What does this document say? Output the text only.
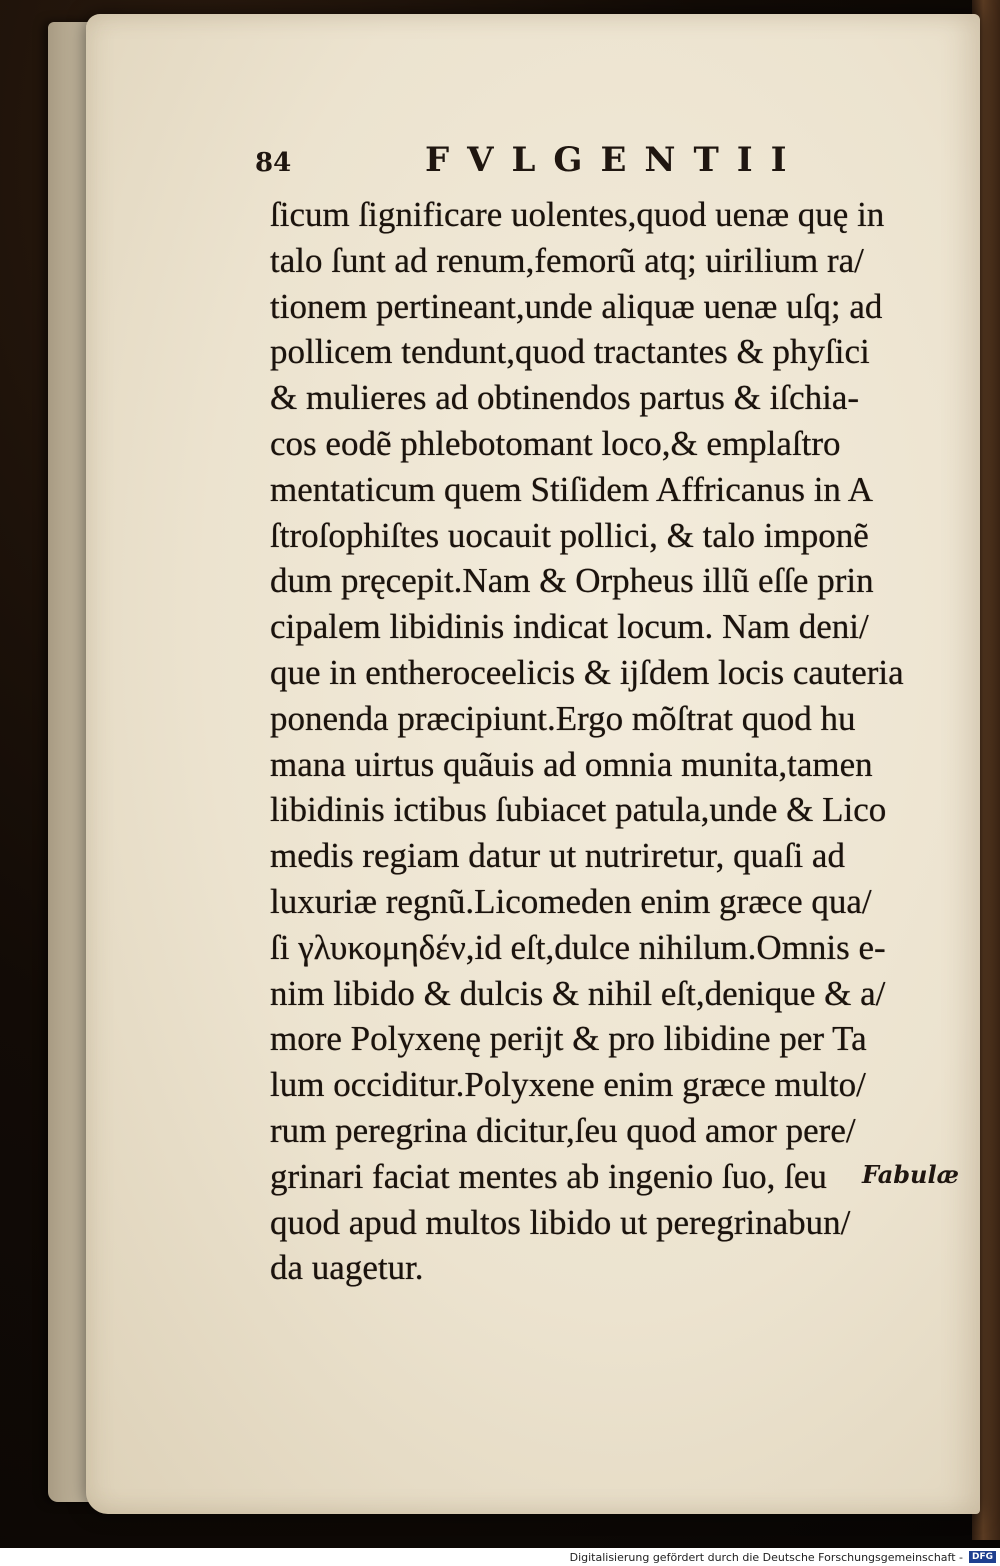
84	FVLGENTII
ſicum ſignificare uolentes,quod uenæ quę in
talo ſunt ad renum,femorũ atq; uirilium ra/
tionem pertineant,unde aliquæ uenæ uſq; ad
pollicem tendunt,quod tractantes & phyſici
& mulieres ad obtinendos partus & iſchia-
cos eodẽ phlebotomant loco,& emplaſtro
mentaticum quem Stiſidem Affricanus in A
ſtroſophiſtes uocauit pollici, & talo imponẽ
dum pręcepit.Nam & Orpheus illũ eſſe prin
cipalem libidinis indicat locum. Nam deni/
que in entheroceelicis & ijſdem locis cauteria
ponenda præcipiunt.Ergo mõſtrat quod hu
mana uirtus quãuis ad omnia munita,tamen
libidinis ictibus ſubiacet patula,unde & Lico
medis regiam datur ut nutriretur, quaſi ad
luxuriæ regnũ.Licomeden enim græce qua/
ſi γλυκομηδέν,id eſt,dulce nihilum.Omnis e-
nim libido & dulcis & nihil eſt,denique & a/
more Polyxenę perijt & pro libidine per Ta
lum occiditur.Polyxene enim græce multo/
rum peregrina dicitur,ſeu quod amor pere/
grinari faciat mentes ab ingenio ſuo, ſeu
quod apud multos libido ut peregrinabun/
da uagetur.
Fabulæ
Digitalisierung gefördert durch die Deutsche Forschungsgemeinschaft -	DFG
